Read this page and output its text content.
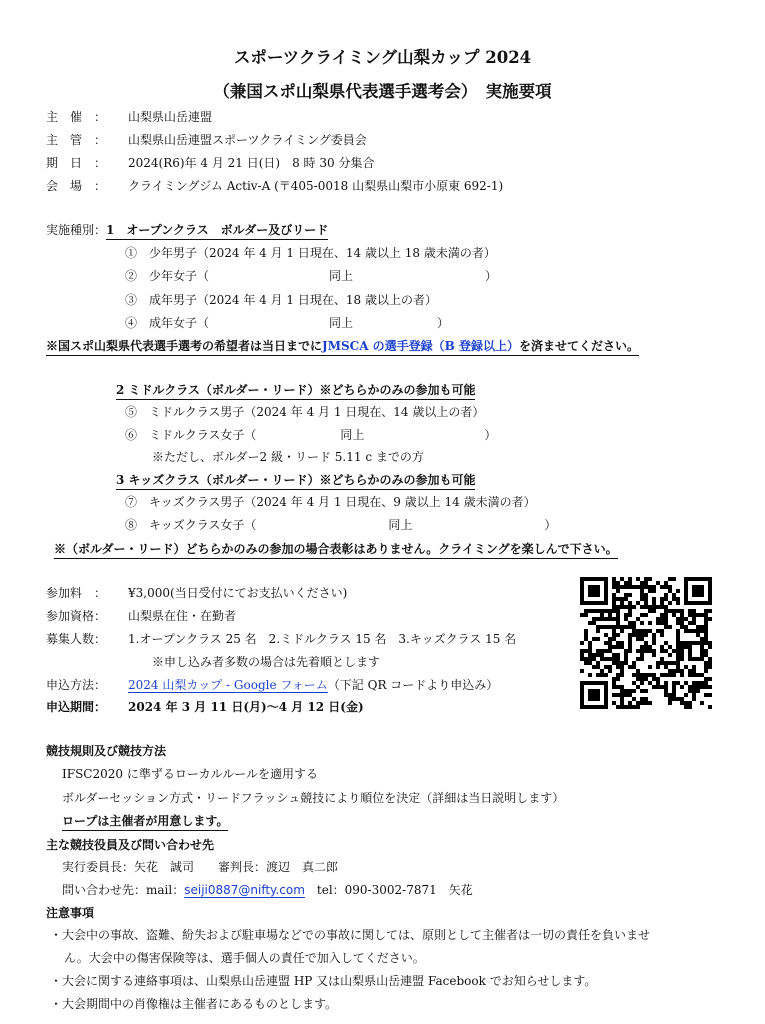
スポーツクライミング山梨カップ 2024
（兼国スポ山梨県代表選手選考会）　実施要項
主　催　： 山梨県山岳連盟
主　管　： 山梨県山岳連盟スポーツクライミング委員会
期　日　： 2024(R6)年 4 月 21 日(日)　8 時 30 分集合
会　場　： クライミングジム Activ-A (〒405-0018 山梨県山梨市小原東 692-1)
実施種別：1　オープンクラス　ボルダー及びリード
①　少年男子（2024 年 4 月 1 日現在、14 歳以上 18 歳未満の者）
②　少年女子（　　　　　　　　　　同上　　　　　　　　　　　）
③　成年男子（2024 年 4 月 1 日現在、18 歳以上の者）
④　成年女子（　　　　　　　　　　同上　　　　　　　）
※国スポ山梨県代表選手選考の希望者は当日までにJMSCA の選手登録（B 登録以上）を済ませてください。
2 ミドルクラス（ボルダー・リード）※どちらかのみの参加も可能
⑤　ミドルクラス男子（2024 年 4 月 1 日現在、14 歳以上の者）
⑥　ミドルクラス女子（　　　　　　　同上　　　　　　　　　　）
※ただし、ボルダー2 級・リード 5.11 c までの方
3 キッズクラス（ボルダー・リード）※どちらかのみの参加も可能
⑦　キッズクラス男子（2024 年 4 月 1 日現在、9 歳以上 14 歳未満の者）
⑧　キッズクラス女子（　　　　　　　　　　　同上　　　　　　　　　　　）
※（ボルダー・リード）どちらかのみの参加の場合表彰はありません。クライミングを楽しんで下さい。
参加料　： ¥3,000(当日受付にてお支払いください)
参加資格： 山梨県在住・在勤者
募集人数： 1.オープンクラス 25 名　2.ミドルクラス 15 名　3.キッズクラス 15 名
※申し込み者多数の場合は先着順とします
申込方法： 2024 山梨カップ - Google フォーム（下記 QR コードより申込み）
申込期間： 2024 年 3 月 11 日(月)～4 月 12 日(金)
競技規則及び競技方法
IFSC2020 に準ずるローカルルールを適用する
ボルダーセッション方式・リードフラッシュ競技により順位を決定（詳細は当日説明します）
ロープは主催者が用意します。
主な競技役員及び問い合わせ先
実行委員長：矢花　誠司　　審判長：渡辺　真二郎
問い合わせ先：mail：seiji0887@nifty.com　tel：090-3002-7871　矢花
注意事項
・大会中の事故、盗難、紛失および駐車場などでの事故に関しては、原則として主催者は一切の責任を負いませ
ん。大会中の傷害保険等は、選手個人の責任で加入してください。
・大会に関する連絡事項は、山梨県山岳連盟 HP 又は山梨県山岳連盟 Facebook でお知らせします。
・大会期間中の肖像権は主催者にあるものとします。
